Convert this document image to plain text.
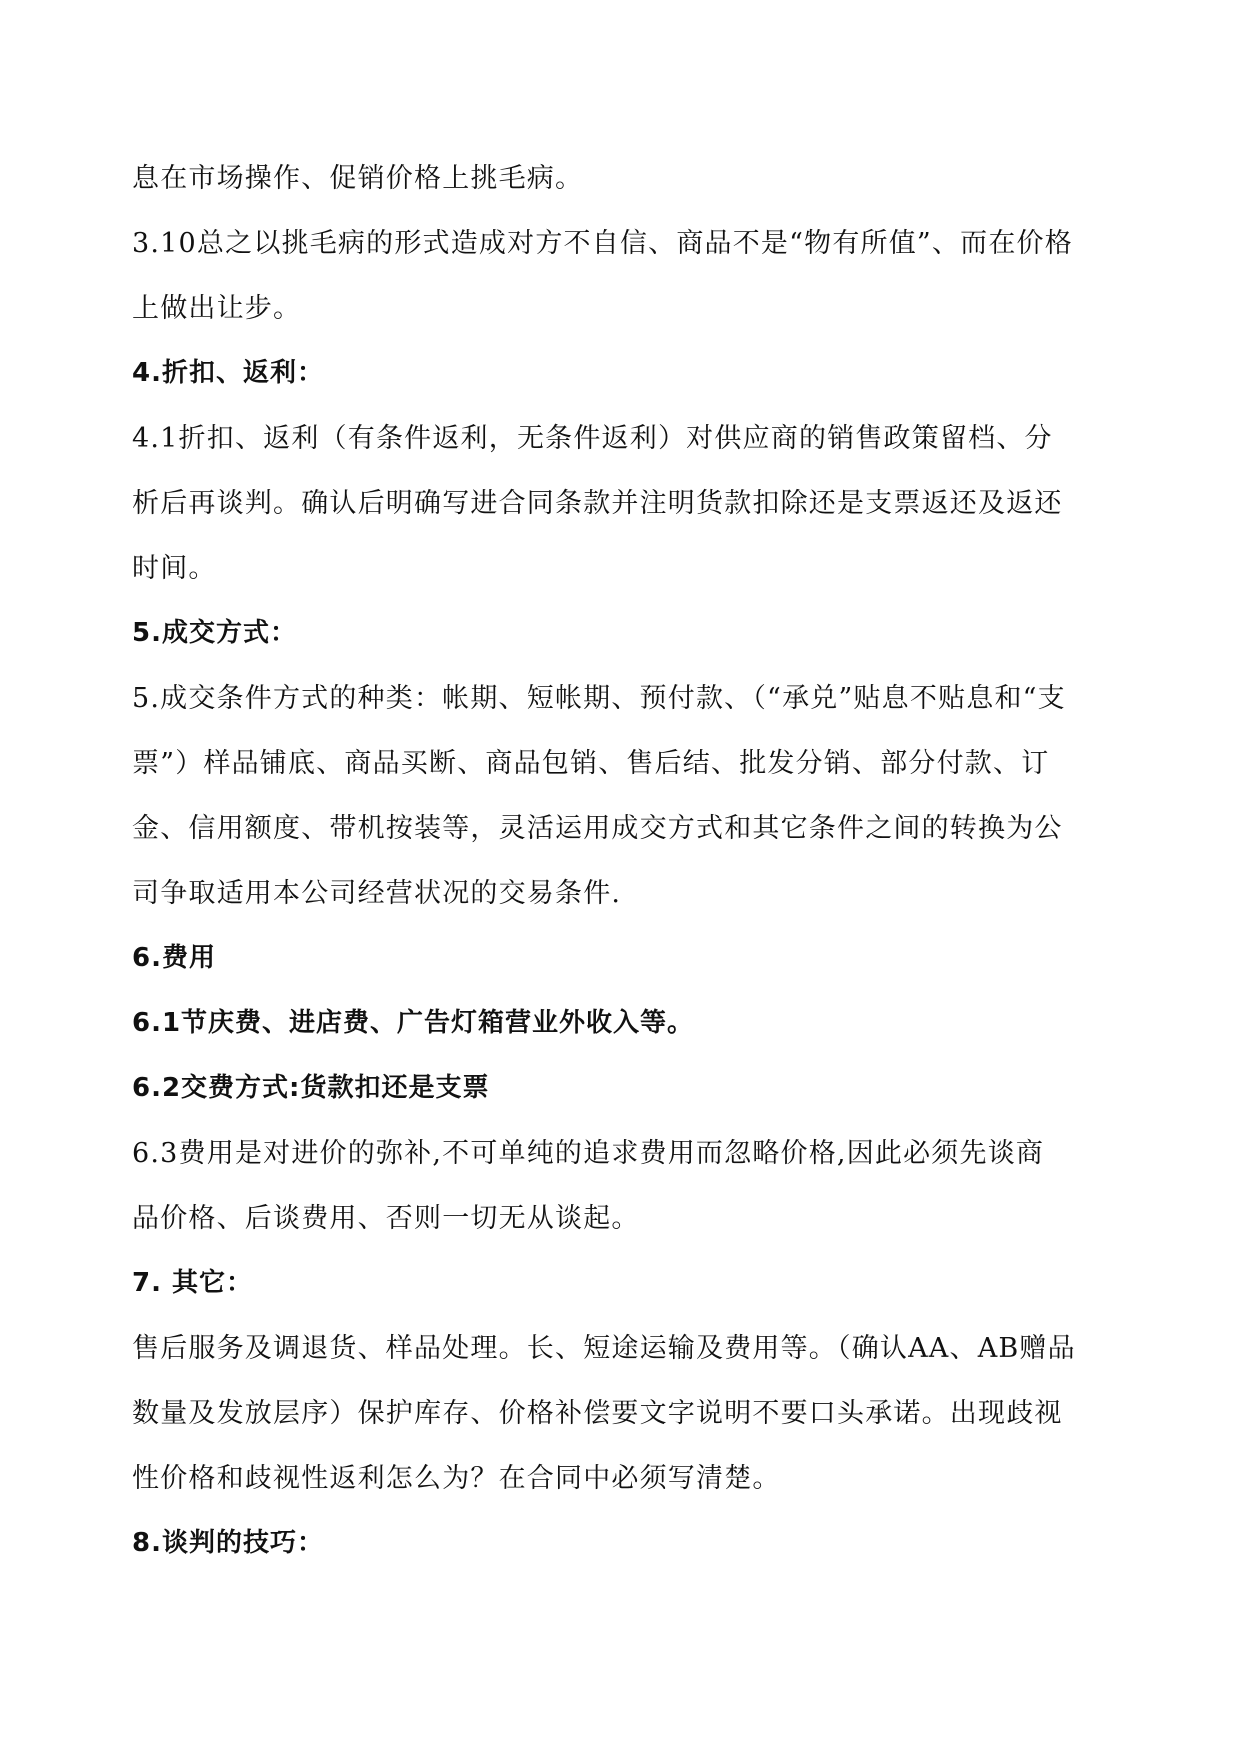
息在市场操作、促销价格上挑毛病。

3.10总之以挑毛病的形式造成对方不自信、商品不是“物有所值”、而在价格

上做出让步。

4.折扣、返利：

4.1折扣、返利（有条件返利，无条件返利）对供应商的销售政策留档、分

析后再谈判。确认后明确写进合同条款并注明货款扣除还是支票返还及返还

时间。

5.成交方式：

5.成交条件方式的种类：帐期、短帐期、预付款、（“承兑”贴息不贴息和“支

票”）样品铺底、商品买断、商品包销、售后结、批发分销、部分付款、订

金、信用额度、带机按装等，灵活运用成交方式和其它条件之间的转换为公

司争取适用本公司经营状况的交易条件.

6.费用

6.1节庆费、进店费、广告灯箱营业外收入等。

6.2交费方式:货款扣还是支票

6.3费用是对进价的弥补,不可单纯的追求费用而忽略价格,因此必须先谈商

品价格、后谈费用、否则一切无从谈起。

7. 其它：

售后服务及调退货、样品处理。长、短途运输及费用等。（确认AA、AB赠品

数量及发放层序）保护库存、价格补偿要文字说明不要口头承诺。出现歧视

性价格和歧视性返利怎么为？在合同中必须写清楚。

8.谈判的技巧：
